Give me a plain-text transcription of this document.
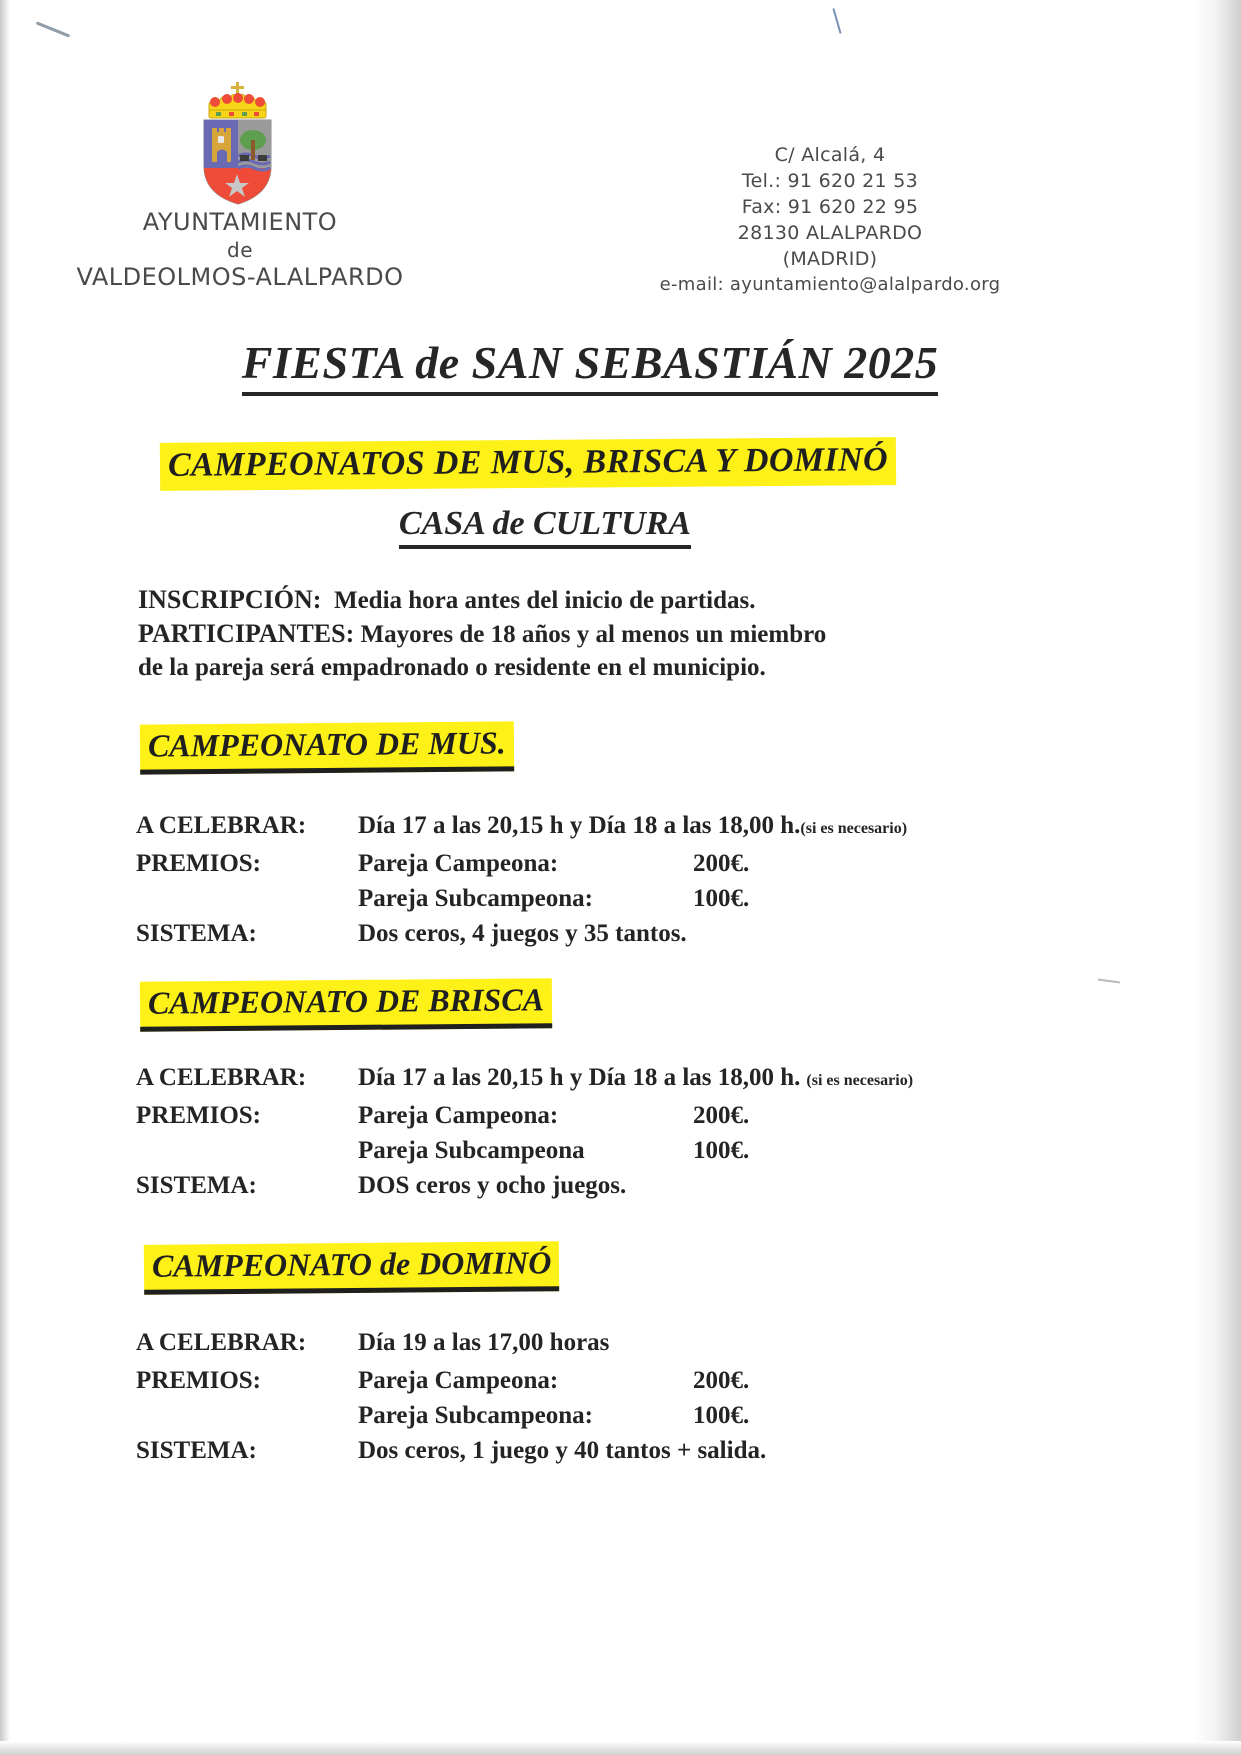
AYUNTAMIENTO
de
VALDEOLMOS-ALALPARDO
C/ Alcalá, 4
Tel.: 91 620 21 53
Fax: 91 620 22 95
28130 ALALPARDO
(MADRID)
e-mail: ayuntamiento@alalpardo.org
FIESTA de SAN SEBASTIÁN 2025
CAMPEONATOS DE MUS, BRISCA Y DOMINÓ
CASA de CULTURA
INSCRIPCIÓN: Media hora antes del inicio de partidas.
PARTICIPANTES: Mayores de 18 años y al menos un miembro
de la pareja será empadronado o residente en el municipio.
CAMPEONATO DE MUS.
A CELEBRAR:	Día 17 a las 20,15 h y Día 18 a las 18,00 h.(si es necesario)
PREMIOS:	Pareja Campeona:	200€.
Pareja Subcampeona:	100€.
SISTEMA:	Dos ceros, 4 juegos y 35 tantos.
CAMPEONATO DE BRISCA
A CELEBRAR:	Día 17 a las 20,15 h y Día 18 a las 18,00 h. (si es necesario)
PREMIOS:	Pareja Campeona:	200€.
Pareja Subcampeona	100€.
SISTEMA:	DOS ceros y ocho juegos.
CAMPEONATO de DOMINÓ
A CELEBRAR:	Día 19 a las 17,00 horas
PREMIOS:	Pareja Campeona:	200€.
Pareja Subcampeona:	100€.
SISTEMA:	Dos ceros, 1 juego y 40 tantos + salida.
